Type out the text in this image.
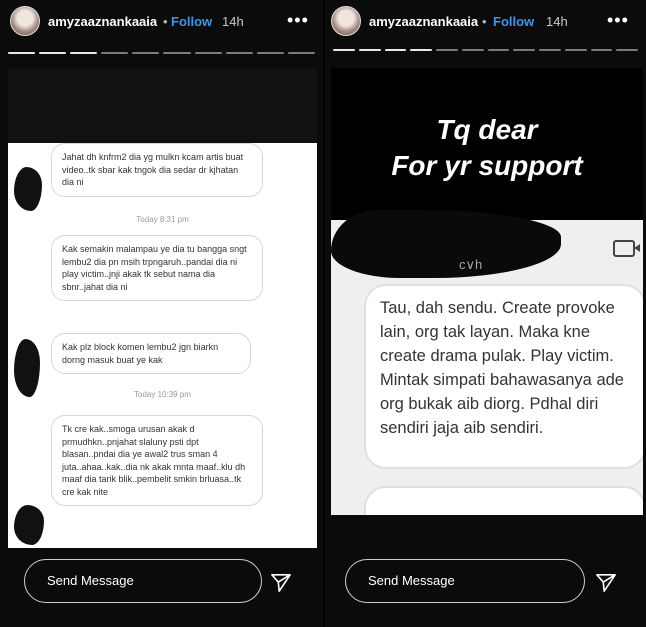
amyzaaznankaaia • Follow 14h •••
Jahat dh knfrm2 dia yg mulkn kcam artis buat video..tk sbar kak tngok dia sedar dr kjhatan dia ni
Today 8:31 pm
Kak semakin malampau ye dia tu bangga sngt lembu2 dia pn msih trpngaruh..pandai dia ni play victim..jnji akak tk sebut nama dia sbnr..jahat dia ni
Kak plz block komen lembu2 jgn biarkn dorng masuk buat ye kak
Today 10:39 pm
Tk cre kak..smoga urusan akak d prmudhkn..pnjahat slaluny psti dpt blasan..pndai dia ye awal2 trus sman 4 juta..ahaa..kak..dia nk akak mnta maaf..klu dh maaf dia tarik blik..pembelit smkin brluasa..tk cre kak nite
Send Message
amyzaaznankaaia • Follow 14h •••
Tq dear
For yr support
c∨h
Tau, dah sendu. Create provoke lain, org tak layan. Maka kne create drama pulak. Play victim. Mintak simpati bahawasanya ade org bukak aib diorg. Pdhal diri sendiri jaja aib sendiri.
Send Message
